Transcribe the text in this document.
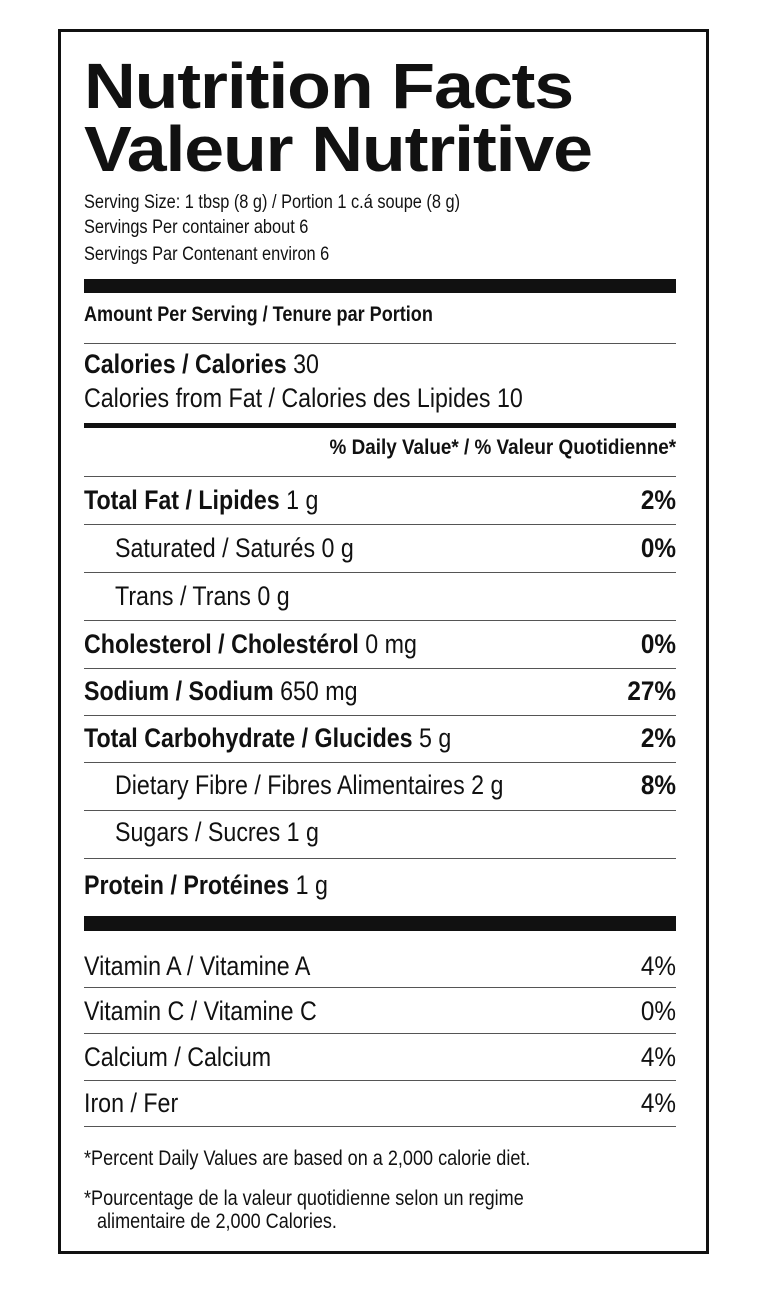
Nutrition Facts
Valeur Nutritive
Serving Size: 1 tbsp (8 g) / Portion 1 c.á soupe (8 g)
Servings Per container about 6
Servings Par Contenant environ 6
Amount Per Serving / Tenure par Portion
Calories / Calories 30
Calories from Fat / Calories des Lipides 10
% Daily Value* / % Valeur Quotidienne*
Total Fat / Lipides 1 g	2%
Saturated / Saturés 0 g	0%
Trans / Trans 0 g
Cholesterol / Cholestérol 0 mg	0%
Sodium / Sodium 650 mg	27%
Total Carbohydrate / Glucides 5 g	2%
Dietary Fibre / Fibres Alimentaires 2 g	8%
Sugars / Sucres 1 g
Protein / Protéines 1 g
Vitamin A / Vitamine A	4%
Vitamin C / Vitamine C	0%
Calcium / Calcium	4%
Iron / Fer	4%
*Percent Daily Values are based on a 2,000 calorie diet.
*Pourcentage de la valeur quotidienne selon un regime
alimentaire de 2,000 Calories.
